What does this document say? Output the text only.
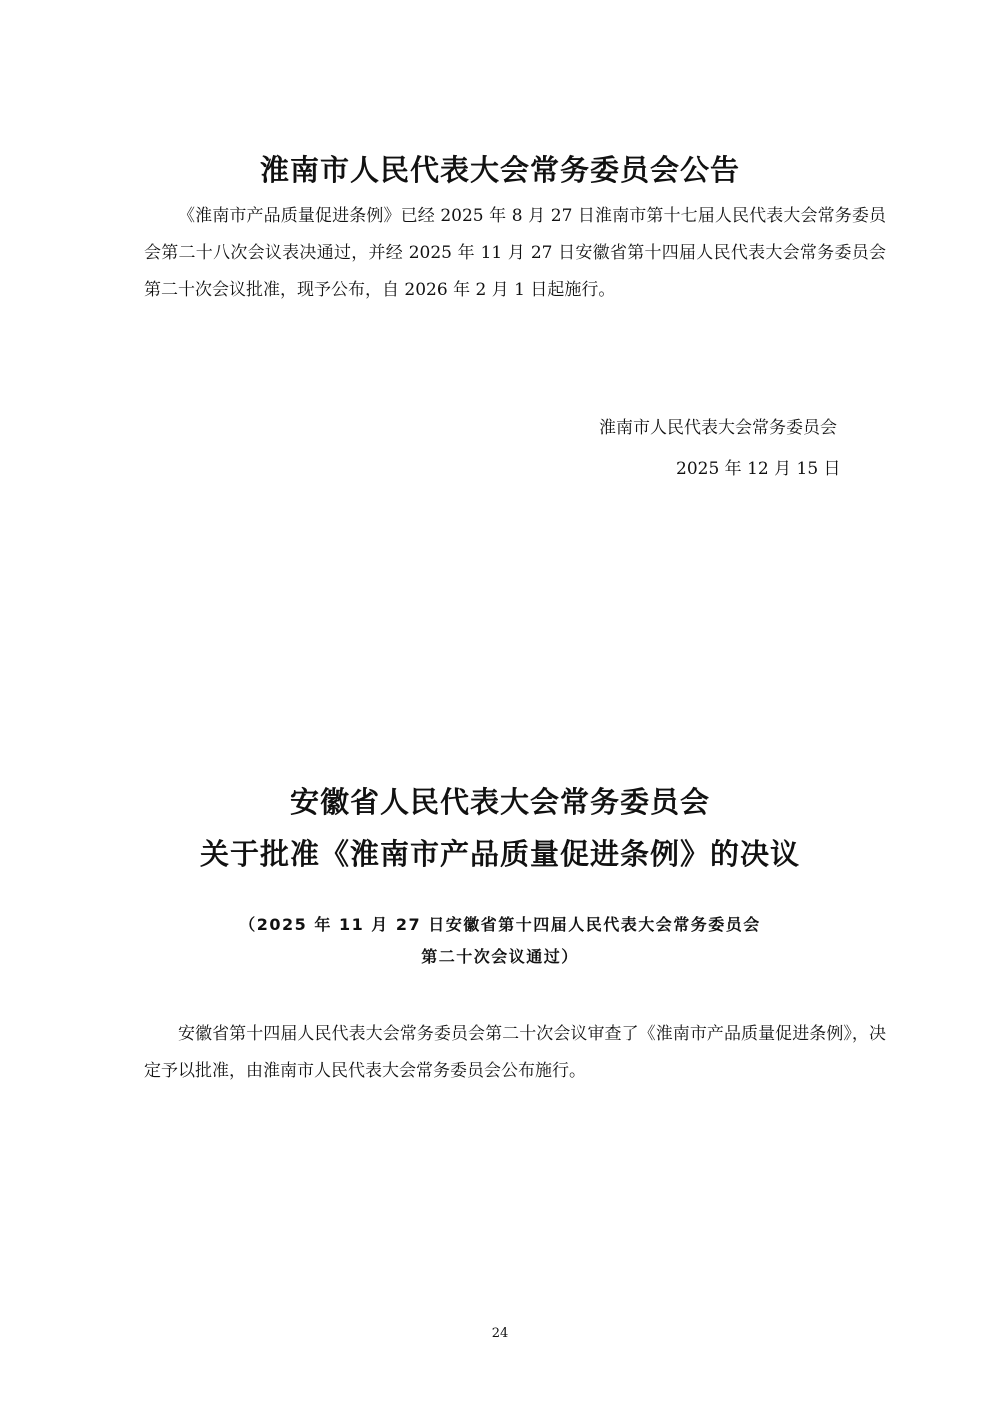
淮南市人民代表大会常务委员会公告

《淮南市产品质量促进条例》已经 2025 年 8 月 27 日淮南市第十七届人民代表大会常务委员会第二十八次会议表决通过，并经 2025 年 11 月 27 日安徽省第十四届人民代表大会常务委员会第二十次会议批准，现予公布，自 2026 年 2 月 1 日起施行。

淮南市人民代表大会常务委员会

2025 年 12 月 15 日

安徽省人民代表大会常务委员会
关于批准《淮南市产品质量促进条例》的决议

（2025 年 11 月 27 日安徽省第十四届人民代表大会常务委员会

第二十次会议通过）

安徽省第十四届人民代表大会常务委员会第二十次会议审查了《淮南市产品质量促进条例》，决定予以批准，由淮南市人民代表大会常务委员会公布施行。

24
